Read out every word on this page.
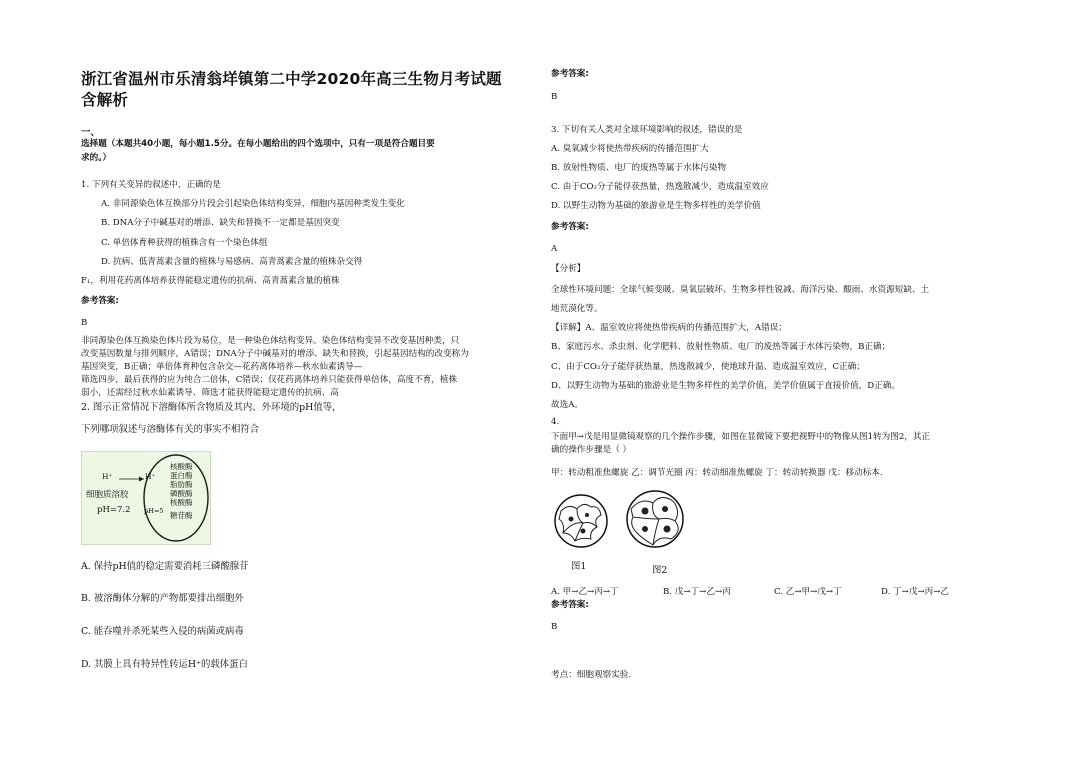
浙江省温州市乐清翁垟镇第二中学2020年高三生物月考试题
含解析
一、
选择题（本题共40小题，每小题1.5分。在每小题给出的四个选项中，只有一项是符合题目要
求的。）
1. 下列有关变异的叙述中，正确的是
A. 非同源染色体互换部分片段会引起染色体结构变异，细胞内基因种类发生变化
B. DNA分子中碱基对的增添、缺失和替换不一定都是基因突变
C. 单倍体育种获得的植株含有一个染色体组
D. 抗病、低青蒿素含量的植株与易感病、高青蒿素含量的植株杂交得
F₁，利用花药离体培养获得能稳定遗传的抗病、高青蒿素含量的植株
参考答案:
B
非同源染色体互换染色体片段为易位，是一种染色体结构变异。染色体结构变异不改变基因种类，只
改变基因数量与排列顺序，A错误；DNA分子中碱基对的增添、缺失和替换，引起基因结构的改变称为
基因突变，B正确；单倍体育种包含杂交—花药离体培养—秋水仙素诱导—
筛选四步，最后获得的应为纯合二倍体，C错误；仅花药离体培养只能获得单倍体，高度不育，植株
弱小，还需经过秋水仙素诱导、筛选才能获得能稳定遗传的抗病、高
2. 图示正常情况下溶酶体所含物质及其内、外环境的pH值等，
下列哪项叙述与溶酶体有关的事实不相符合
H⁺	H⁺
细胞质溶胶
pH=7.2 pH=5
核酸酶
蛋白酶
脂肪酶
磷酸酶
核酸酶
糖苷酶
A. 保持pH值的稳定需要消耗三磷酸腺苷
B. 被溶酶体分解的产物都要排出细胞外
C. 能吞噬并杀死某些入侵的病菌或病毒
D. 其膜上具有特异性转运H⁺的载体蛋白
参考答案:
B
3. 下切有关人类对全球环境影响的叙述，错误的是
A. 臭氧减少将使热带疾病的传播范围扩大
B. 放射性物质、电厂的废热等属于水体污染物
C. 由于CO₂分子能俘获热量，热逸散减少，造成温室效应
D. 以野生动物为基础的旅游业是生物多样性的美学价值
参考答案:
A
【分析】
全球性环境问题：全球气候变暖、臭氧层破坏、生物多样性锐减、海洋污染、酸雨、水资源短缺、土
地荒漠化等。
【详解】A、温室效应将使热带疾病的传播范围扩大，A错误；
B、家庭污水、杀虫剂、化学肥料、放射性物质、电厂的废热等属于水体污染物，B正确；
C、由于CO₂分子能俘获热量，热逸散减少，使地球升温、造成温室效应，C正确；
D、以野生动物为基础的旅游业是生物多样性的美学价值，美学价值属于直接价值，D正确。
故选A。
4.
下面甲→戊是用显微镜观察的几个操作步骤，如图在显微镜下要把视野中的物像从图1转为图2，其正
确的操作步骤是（ ）
甲：转动粗准焦螺旋 乙：调节光圈 丙：转动细准焦螺旋 丁：转动转换器 戊：移动标本.
图1	图2
A. 甲→乙→丙→丁	B. 戊→丁→乙→丙	C. 乙→甲→戊→丁	D. 丁→戊→丙→乙
参考答案:
B
考点：细胞观察实验.
